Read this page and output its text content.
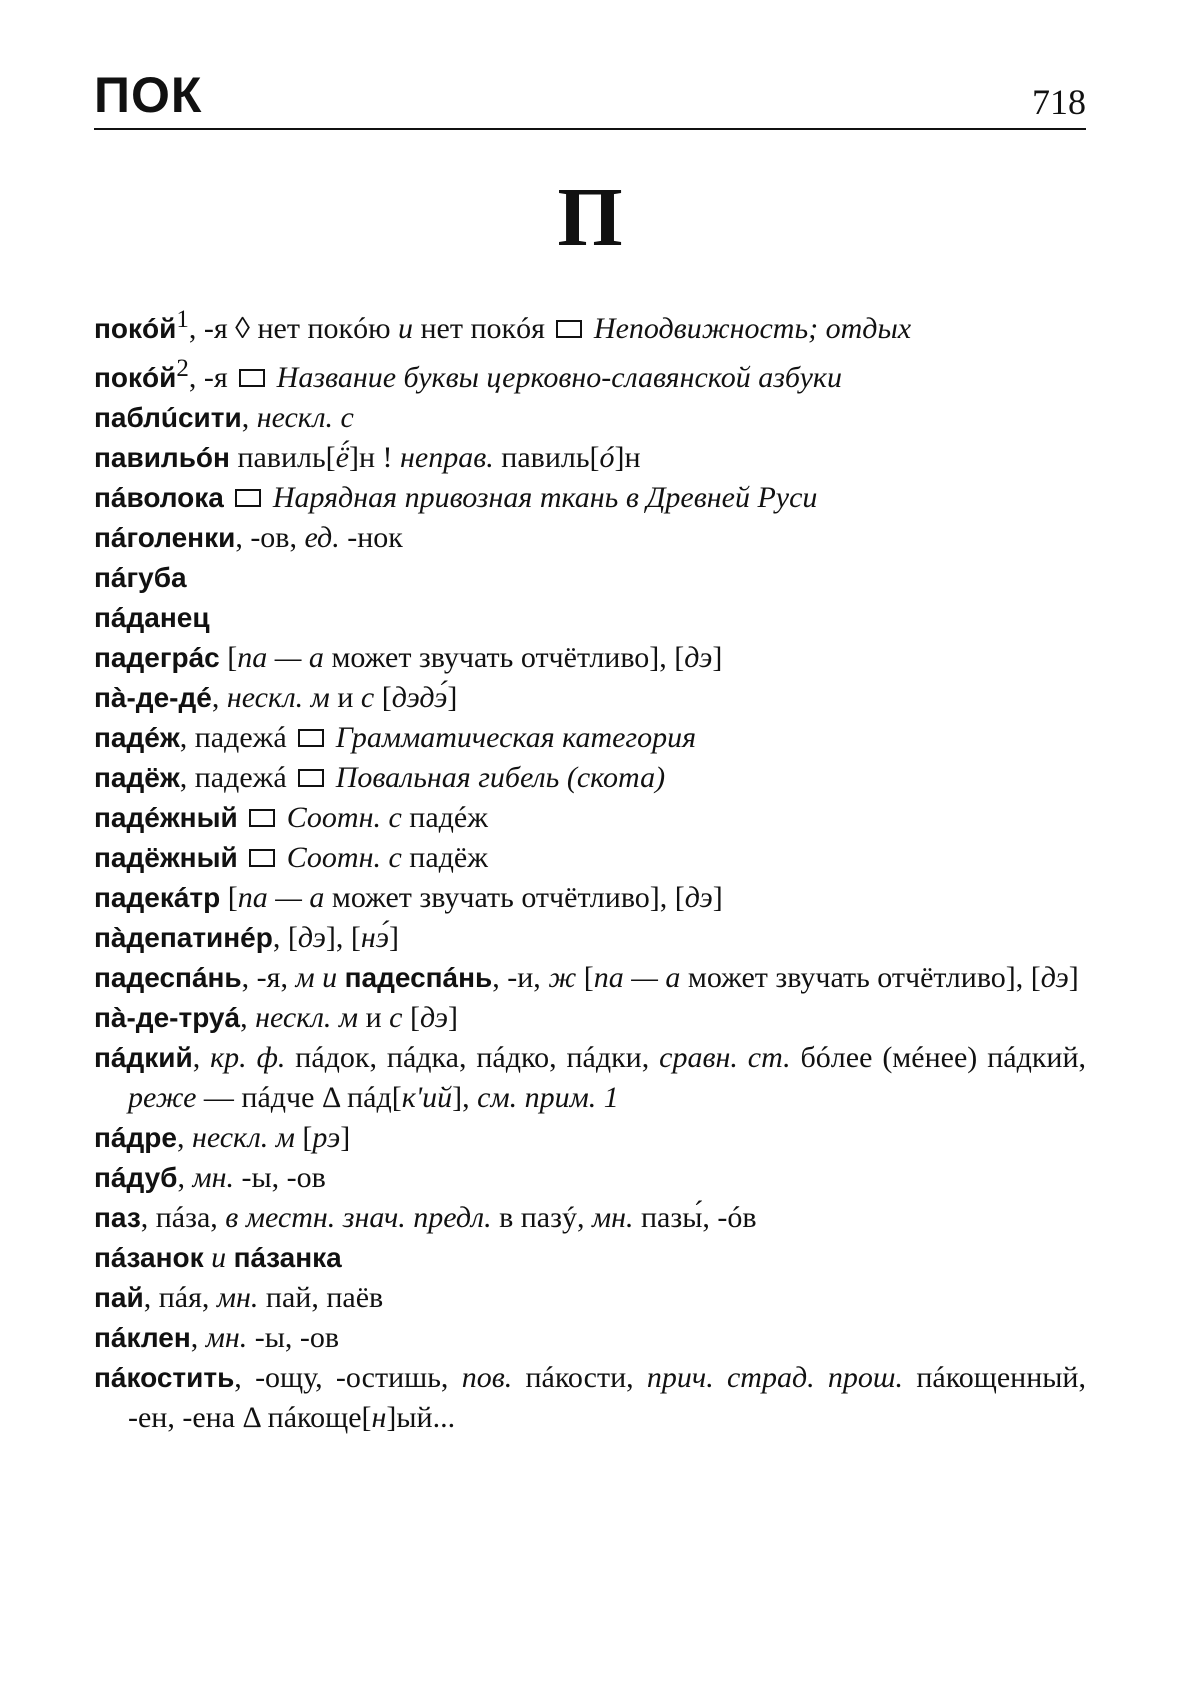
ПОК	718
П
покóй$^1$, -я ◊ нет покóю и нет покóя  Неподвижность; отдых
покóй$^2$, -я  Название буквы церковно-славянской азбуки
паблúсити, нескл. с
павильóн павиль[ё́]н ! неправ. павиль[ó]н
пáволока  Нарядная привозная ткань в Древней Руси
пáголенки, -ов, ед. -нок
пáгуба
пáданец
падегрáс [па — а может звучать отчётливо], [дэ]
пà-де-дé, нескл. м и с [дэдэ́]
падéж, падежá  Грамматическая категория
падёж, падежá  Повальная гибель (скота)
падéжный  Соотн. с падéж
падёжный  Соотн. с падёж
падекáтр [па — а может звучать отчётливо], [дэ]
пàдепатинéр, [дэ], [нэ́]
падеспáнь, -я, м и падеспáнь, -и, ж [па — а может звучать отчётливо], [дэ]
пà-де-труá, нескл. м и с [дэ]
пáдкий, кр. ф. пáдок, пáдка, пáдко, пáдки, сравн. ст. бóлее (мéнее) пáдкий, реже — пáдче Δ пáд[к'ий], см. прим. 1
пáдре, нескл. м [рэ]
пáдуб, мн. -ы, -ов
паз, пáза, в местн. знач. предл. в пазý, мн. пазы́, -óв
пáзанок и пáзанка
пай, пáя, мн. пай, паёв
пáклен, мн. -ы, -ов
пáкостить, -ощу, -остишь, пов. пáкости, прич. страд. прош. пáкощенный, -ен, -ена Δ пáкоще[н]ый...
